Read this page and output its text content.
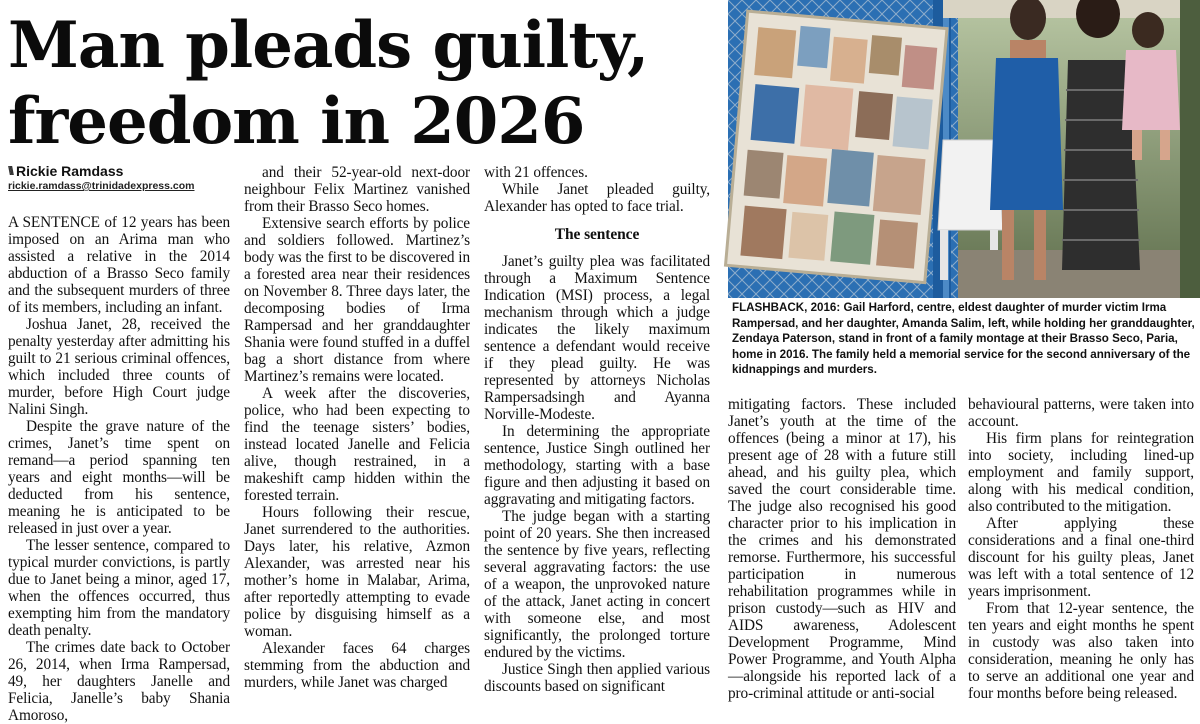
Man pleads guilty,
freedom in 2026
\\\ Rickie Ramdass
rickie.ramdass@trinidadexpress.com

A SENTENCE of 12 years has been imposed on an Arima man who assisted a relative in the 2014 abduction of a Brasso Seco family and the subsequent murders of three of its members, including an infant.

Joshua Janet, 28, received the penalty yesterday after admitting his guilt to 21 serious criminal offences, which included three counts of murder, before High Court judge Nalini Singh.

Despite the grave nature of the crimes, Janet’s time spent on remand—a period spanning ten years and eight months—will be deducted from his sentence, meaning he is anticipated to be released in just over a year.

The lesser sentence, compared to typical murder convictions, is partly due to Janet being a minor, aged 17, when the offences occurred, thus exempting him from the mandatory death penalty.

The crimes date back to October 26, 2014, when Irma Rampersad, 49, her daughters Janelle and Felicia, Janelle’s baby Shania Amoroso,

and their 52-year-old next-door neighbour Felix Martinez vanished from their Brasso Seco homes.

Extensive search efforts by police and soldiers followed. Martinez’s body was the first to be discovered in a forested area near their residences on November 8. Three days later, the decomposing bodies of Irma Rampersad and her granddaughter Shania were found stuffed in a duffel bag a short distance from where Martinez’s remains were located.

A week after the discoveries, police, who had been expecting to find the teenage sisters’ bodies, instead located Janelle and Felicia alive, though restrained, in a makeshift camp hidden within the forested terrain.

Hours following their rescue, Janet surrendered to the authorities. Days later, his relative, Azmon Alexander, was arrested near his mother’s home in Malabar, Arima, after reportedly attempting to evade police by disguising himself as a woman.

Alexander faces 64 charges stemming from the abduction and murders, while Janet was charged

with 21 offences.

While Janet pleaded guilty, Alexander has opted to face trial.

The sentence

Janet’s guilty plea was facilitated through a Maximum Sentence Indication (MSI) process, a legal mechanism through which a judge indicates the likely maximum sentence a defendant would receive if they plead guilty. He was represented by attorneys Nicholas Rampersadsingh and Ayanna Norville-Modeste.

In determining the appropriate sentence, Justice Singh outlined her methodology, starting with a base figure and then adjusting it based on aggravating and mitigating factors.

The judge began with a starting point of 20 years. She then increased the sentence by five years, reflecting several aggravating factors: the use of a weapon, the unprovoked nature of the attack, Janet acting in concert with someone else, and most significantly, the prolonged torture endured by the victims.

Justice Singh then applied various discounts based on significant

FLASHBACK, 2016: Gail Harford, centre, eldest daughter of murder victim Irma Rampersad, and her daughter, Amanda Salim, left, while holding her granddaughter, Zendaya Paterson, stand in front of a family montage at their Brasso Seco, Paria, home in 2016. The family held a memorial service for the second anniversary of the kidnappings and murders.

mitigating factors. These included Janet’s youth at the time of the offences (being a minor at 17), his present age of 28 with a future still ahead, and his guilty plea, which saved the court considerable time. The judge also recognised his good character prior to his implication in the crimes and his demonstrated remorse. Furthermore, his successful participation in numerous rehabilitation programmes while in prison custody—such as HIV and AIDS awareness, Adolescent Development Programme, Mind Power Programme, and Youth Alpha—alongside his reported lack of a pro-criminal attitude or anti-social

behavioural patterns, were taken into account.

His firm plans for reintegration into society, including lined-up employment and family support, along with his medical condition, also contributed to the mitigation.

After applying these considerations and a final one-third discount for his guilty pleas, Janet was left with a total sentence of 12 years imprisonment.

From that 12-year sentence, the ten years and eight months he spent in custody was also taken into consideration, meaning he only has to serve an additional one year and four months before being released.
